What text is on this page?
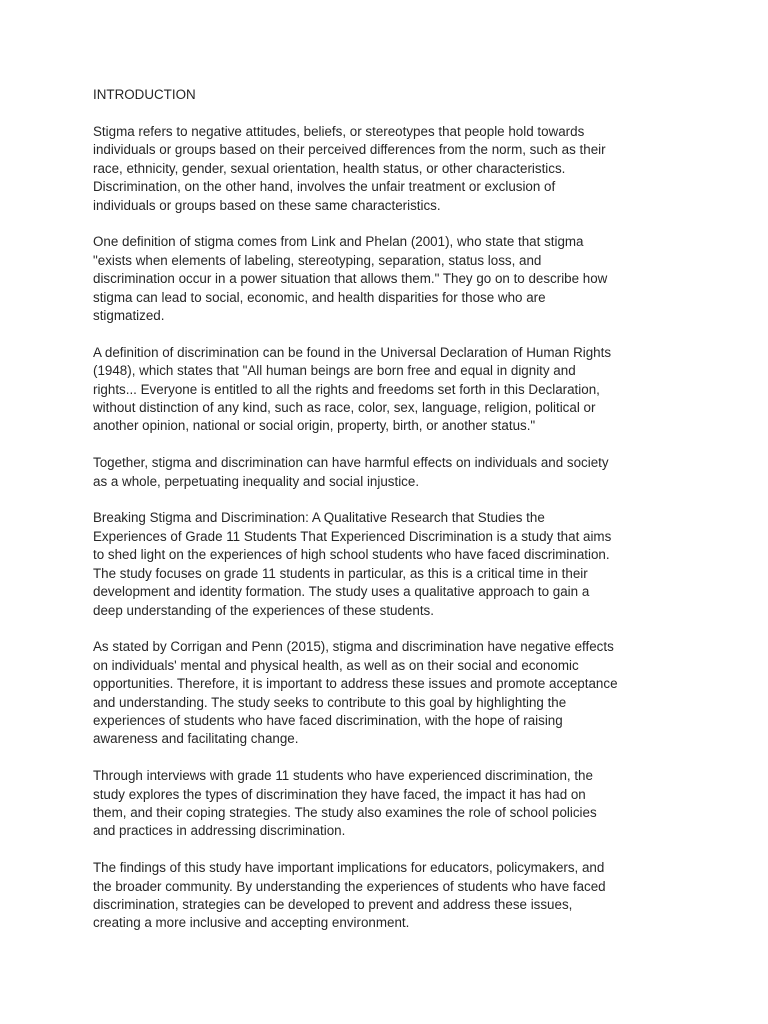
INTRODUCTION
Stigma refers to negative attitudes, beliefs, or stereotypes that people hold towards
individuals or groups based on their perceived differences from the norm, such as their
race, ethnicity, gender, sexual orientation, health status, or other characteristics.
Discrimination, on the other hand, involves the unfair treatment or exclusion of
individuals or groups based on these same characteristics.
One definition of stigma comes from Link and Phelan (2001), who state that stigma
"exists when elements of labeling, stereotyping, separation, status loss, and
discrimination occur in a power situation that allows them." They go on to describe how
stigma can lead to social, economic, and health disparities for those who are
stigmatized.
A definition of discrimination can be found in the Universal Declaration of Human Rights
(1948), which states that "All human beings are born free and equal in dignity and
rights... Everyone is entitled to all the rights and freedoms set forth in this Declaration,
without distinction of any kind, such as race, color, sex, language, religion, political or
another opinion, national or social origin, property, birth, or another status."
Together, stigma and discrimination can have harmful effects on individuals and society
as a whole, perpetuating inequality and social injustice.
Breaking Stigma and Discrimination: A Qualitative Research that Studies the
Experiences of Grade 11 Students That Experienced Discrimination is a study that aims
to shed light on the experiences of high school students who have faced discrimination.
The study focuses on grade 11 students in particular, as this is a critical time in their
development and identity formation. The study uses a qualitative approach to gain a
deep understanding of the experiences of these students.
As stated by Corrigan and Penn (2015), stigma and discrimination have negative effects
on individuals' mental and physical health, as well as on their social and economic
opportunities. Therefore, it is important to address these issues and promote acceptance
and understanding. The study seeks to contribute to this goal by highlighting the
experiences of students who have faced discrimination, with the hope of raising
awareness and facilitating change.
Through interviews with grade 11 students who have experienced discrimination, the
study explores the types of discrimination they have faced, the impact it has had on
them, and their coping strategies. The study also examines the role of school policies
and practices in addressing discrimination.
The findings of this study have important implications for educators, policymakers, and
the broader community. By understanding the experiences of students who have faced
discrimination, strategies can be developed to prevent and address these issues,
creating a more inclusive and accepting environment.
